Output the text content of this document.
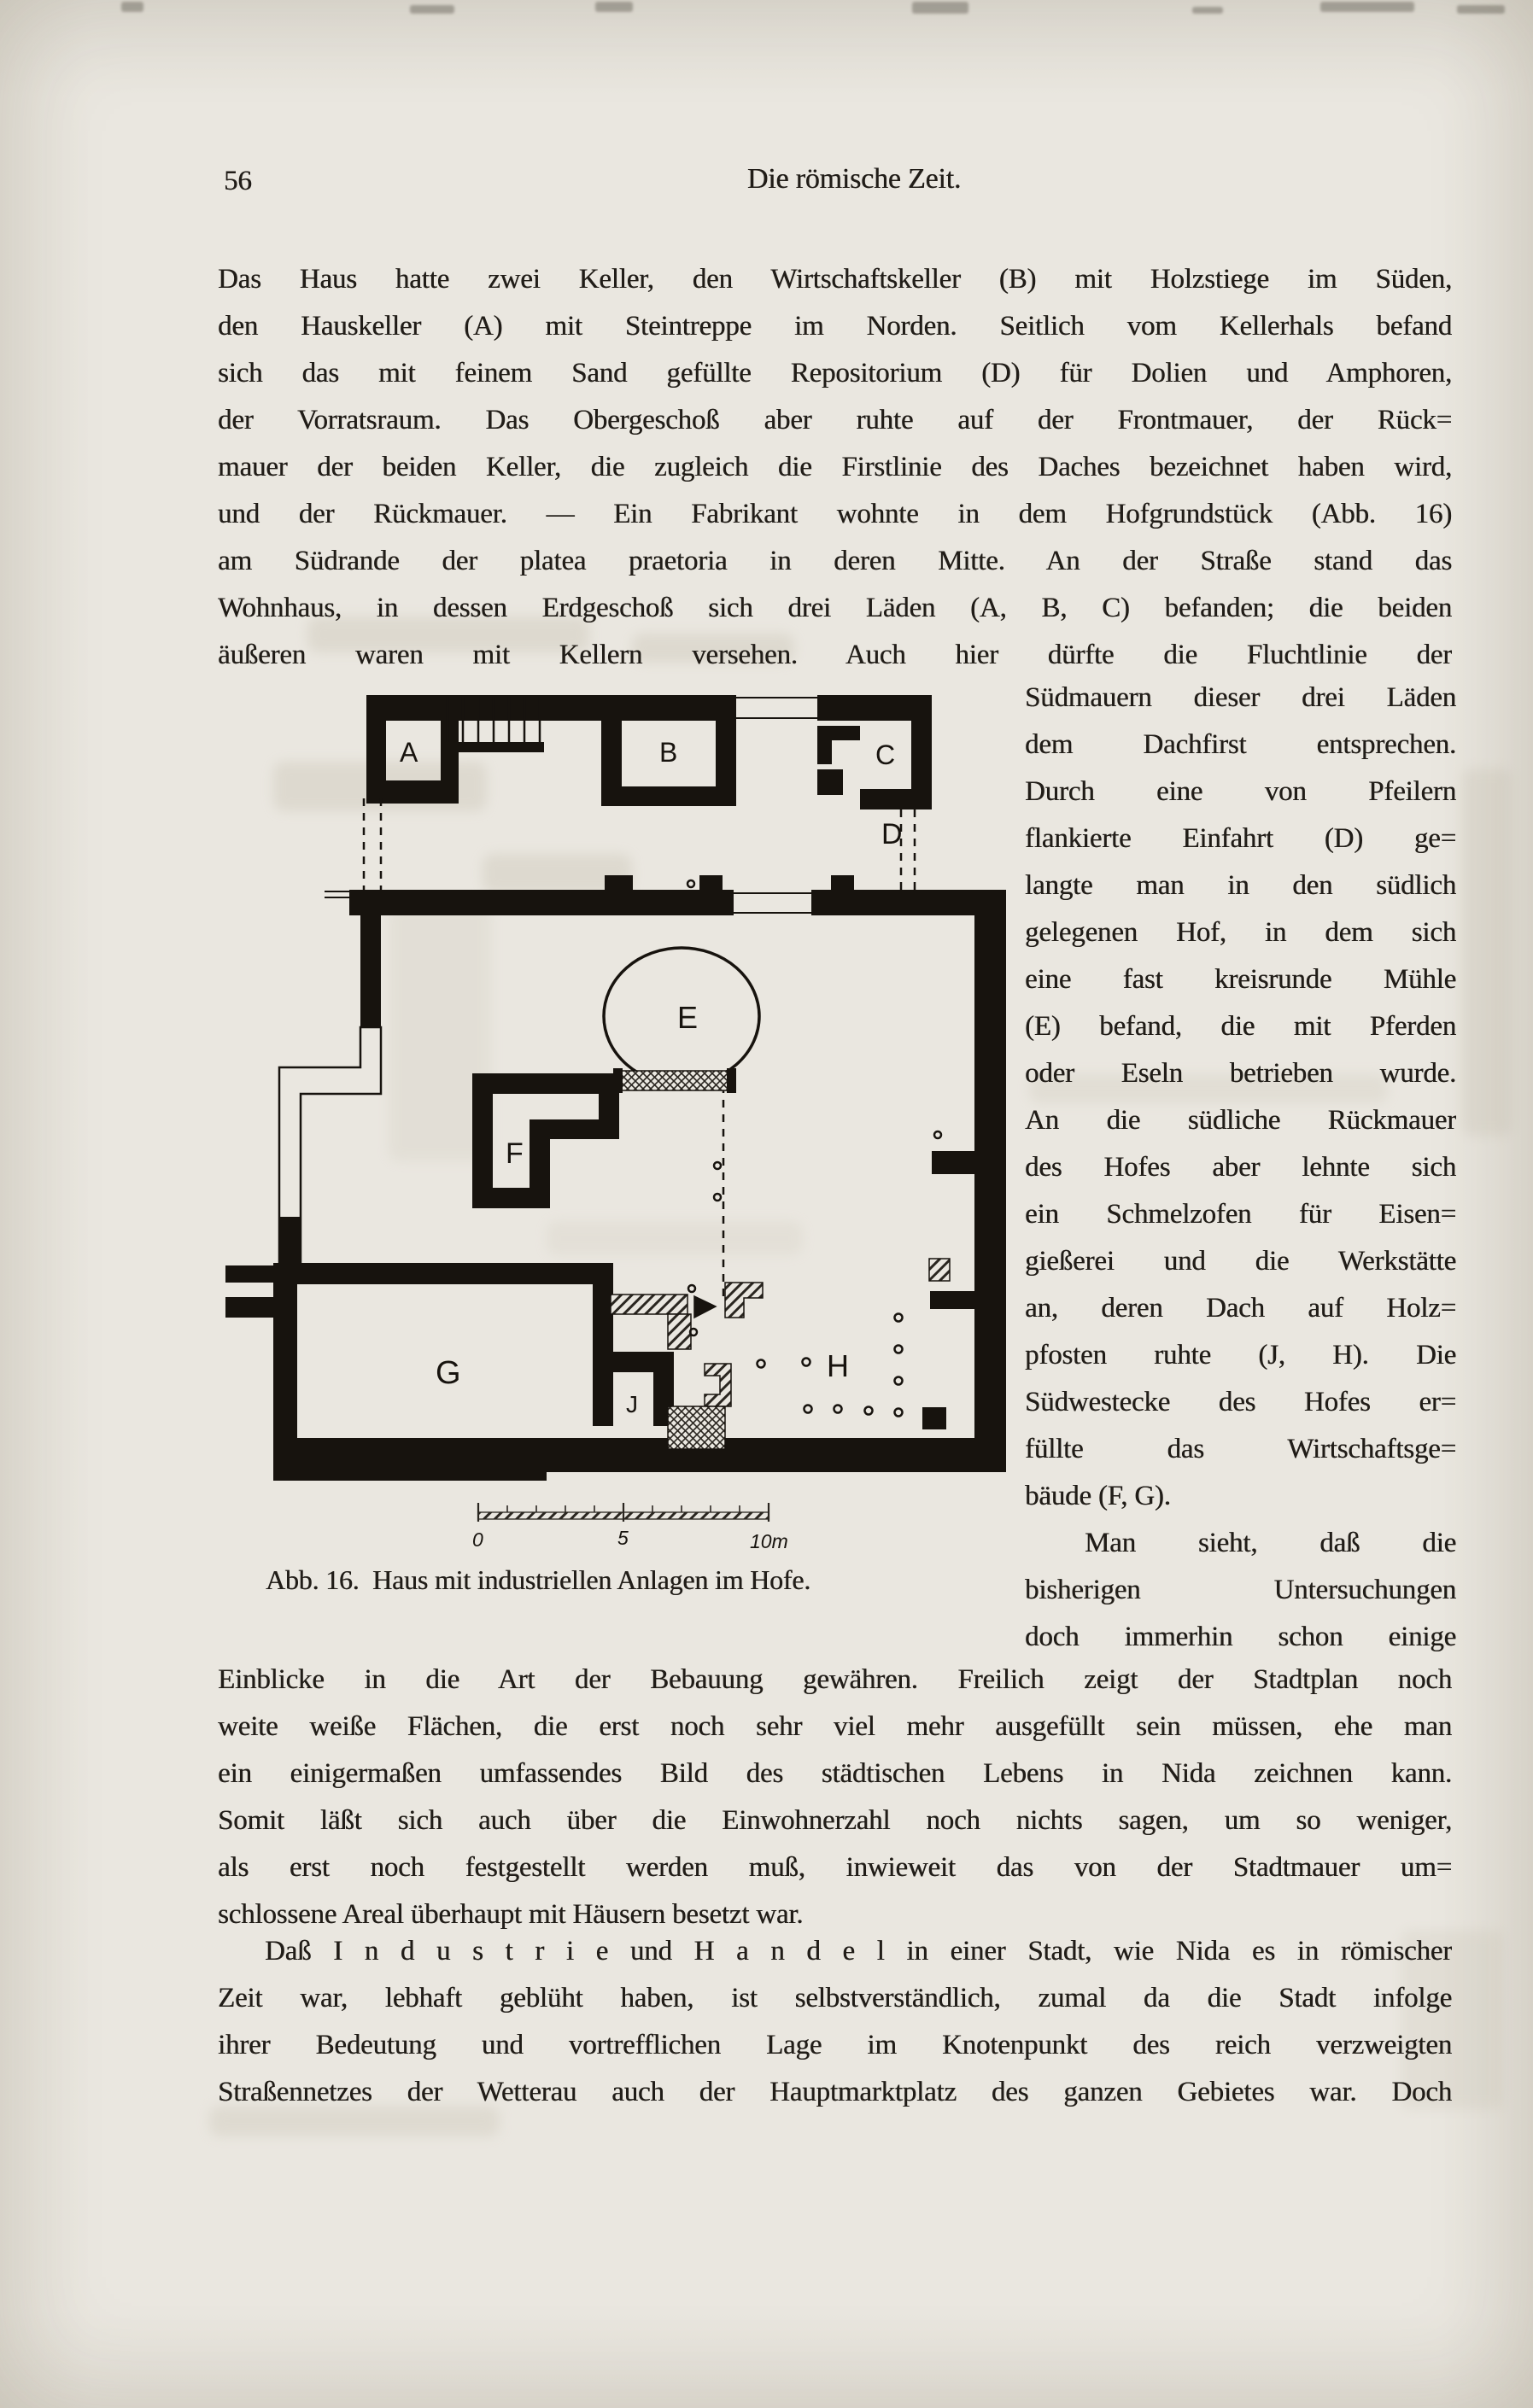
56	Die römische Zeit.
Das Haus hatte zwei Keller, den Wirtschaftskeller (B) mit Holzstiege im Süden,
den Hauskeller (A) mit Steintreppe im Norden. Seitlich vom Kellerhals befand
sich das mit feinem Sand gefüllte Repositorium (D) für Dolien und Amphoren,
der Vorratsraum. Das Obergeschoß aber ruhte auf der Frontmauer, der Rück=
mauer der beiden Keller, die zugleich die Firstlinie des Daches bezeichnet haben wird,
und der Rückmauer. — Ein Fabrikant wohnte in dem Hofgrundstück (Abb. 16)
am Südrande der platea praetoria in deren Mitte. An der Straße stand das
Wohnhaus, in dessen Erdgeschoß sich drei Läden (A, B, C) befanden; die beiden
äußeren waren mit Kellern versehen. Auch hier dürfte die Fluchtlinie der
A	B	C
D
E
F
G	H
J
0	5	10m
Abb. 16.  Haus mit industriellen Anlagen im Hofe.
Südmauern dieser drei Läden
dem Dachfirst entsprechen.
Durch eine von Pfeilern
flankierte Einfahrt (D) ge=
langte man in den südlich
gelegenen Hof, in dem sich
eine fast kreisrunde Mühle
(E) befand, die mit Pferden
oder Eseln betrieben wurde.
An die südliche Rückmauer
des Hofes aber lehnte sich
ein Schmelzofen für Eisen=
gießerei und die Werkstätte
an, deren Dach auf Holz=
pfosten ruhte (J, H). Die
Südwestecke des Hofes er=
füllte das Wirtschaftsge=
bäude (F, G).
Man sieht, daß die
bisherigen Untersuchungen
doch immerhin schon einige
Einblicke in die Art der Bebauung gewähren. Freilich zeigt der Stadtplan noch
weite weiße Flächen, die erst noch sehr viel mehr ausgefüllt sein müssen, ehe man
ein einigermaßen umfassendes Bild des städtischen Lebens in Nida zeichnen kann.
Somit läßt sich auch über die Einwohnerzahl noch nichts sagen, um so weniger,
als erst noch festgestellt werden muß, inwieweit das von der Stadtmauer um=
schlossene Areal überhaupt mit Häusern besetzt war.
Daß I n d u s t r i e und H a n d e l in einer Stadt, wie Nida es in römischer
Zeit war, lebhaft geblüht haben, ist selbstverständlich, zumal da die Stadt infolge
ihrer Bedeutung und vortrefflichen Lage im Knotenpunkt des reich verzweigten
Straßennetzes der Wetterau auch der Hauptmarktplatz des ganzen Gebietes war. Doch
